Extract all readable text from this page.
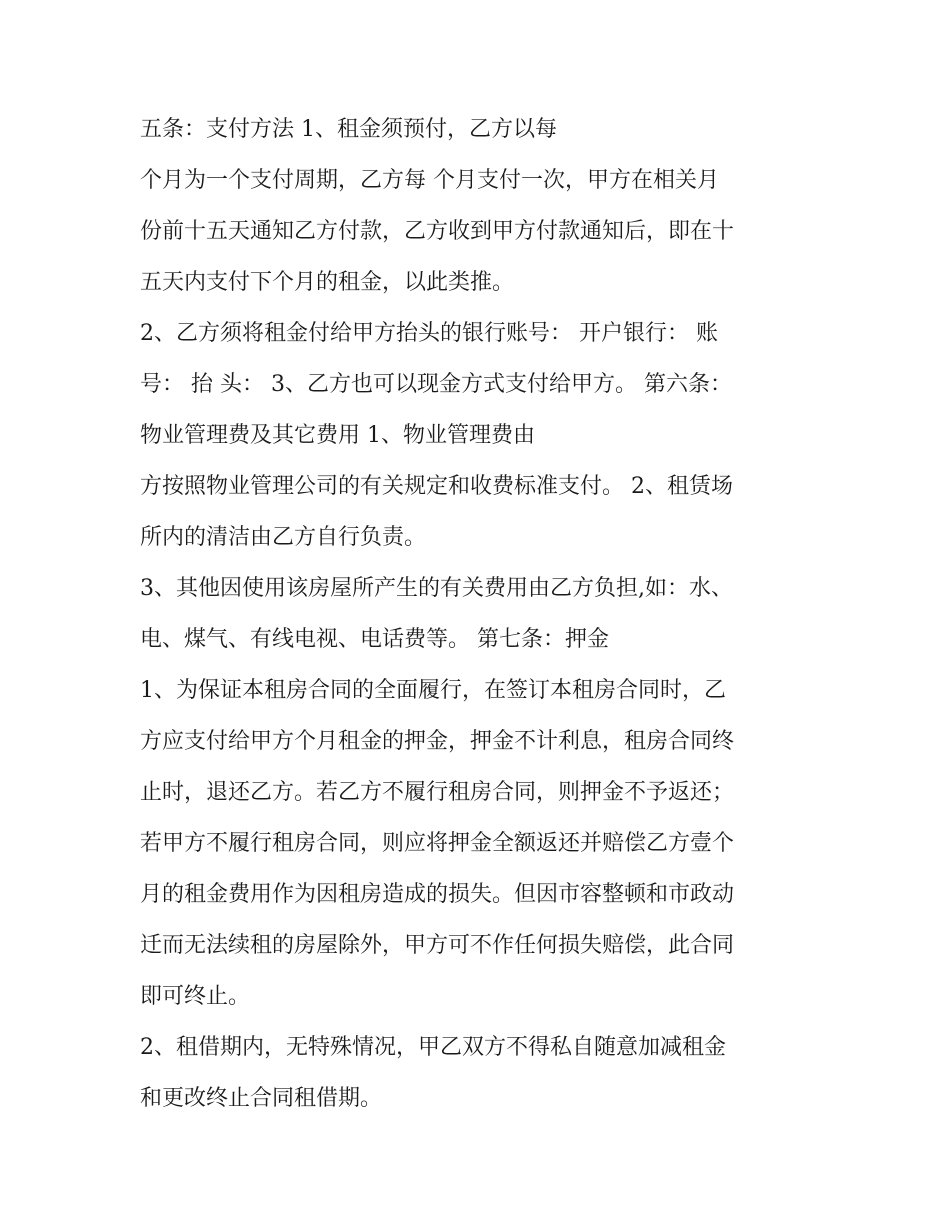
五条：支付方法 1、租金须预付，乙方以每
个月为一个支付周期，乙方每 个月支付一次，甲方在相关月
份前十五天通知乙方付款，乙方收到甲方付款通知后，即在十
五天内支付下个月的租金，以此类推。
2、乙方须将租金付给甲方抬头的银行账号： 开户银行： 账
号： 抬 头： 3、乙方也可以现金方式支付给甲方。 第六条：
物业管理费及其它费用 1、物业管理费由
方按照物业管理公司的有关规定和收费标准支付。 2、租赁场
所内的清洁由乙方自行负责。
3、其他因使用该房屋所产生的有关费用由乙方负担,如：水、
电、煤气、有线电视、电话费等。 第七条：押金
1、为保证本租房合同的全面履行，在签订本租房合同时，乙
方应支付给甲方个月租金的押金，押金不计利息，租房合同终
止时，退还乙方。若乙方不履行租房合同，则押金不予返还；
若甲方不履行租房合同，则应将押金全额返还并赔偿乙方壹个
月的租金费用作为因租房造成的损失。但因市容整顿和市政动
迁而无法续租的房屋除外，甲方可不作任何损失赔偿，此合同
即可终止。
2、租借期内，无特殊情况，甲乙双方不得私自随意加减租金
和更改终止合同租借期。
